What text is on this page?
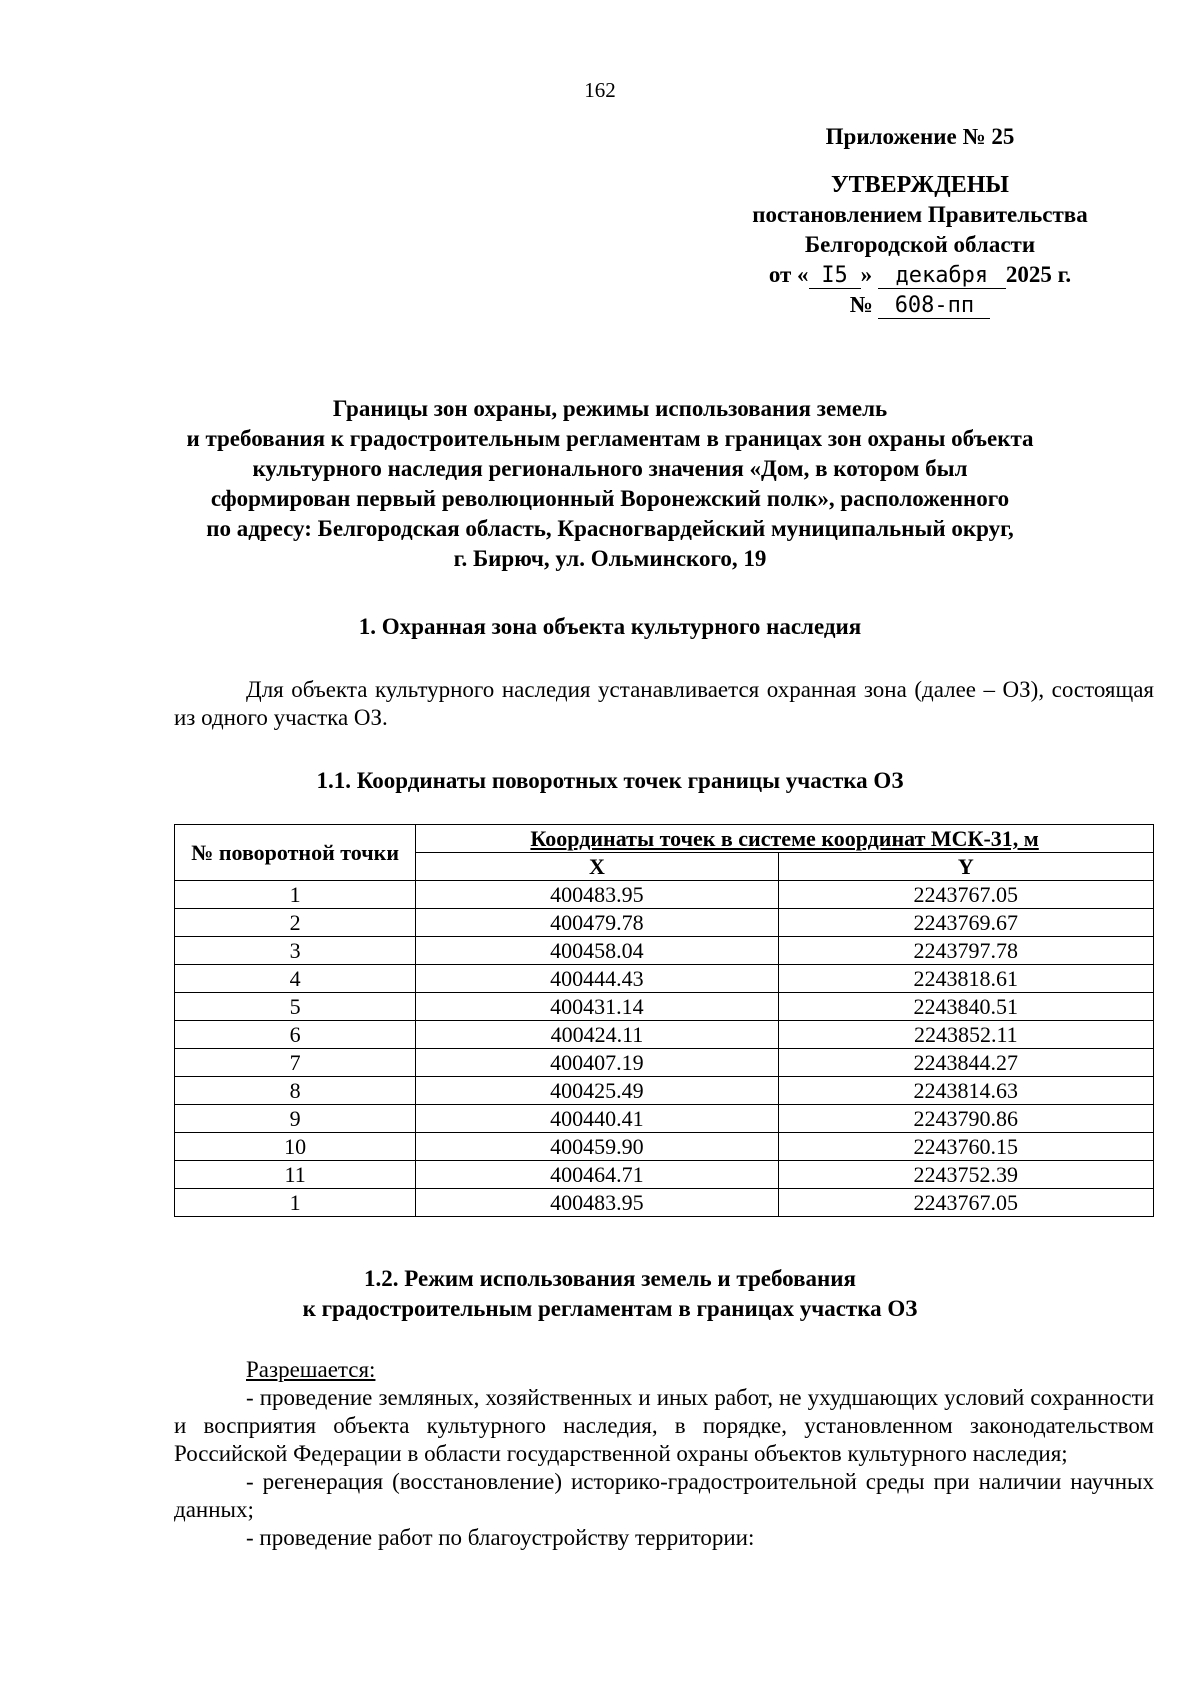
162
Приложение № 25
УТВЕРЖДЕНЫ
постановлением Правительства
Белгородской области
от « I5 » декабря 2025 г.
№ 608-пп
Границы зон охраны, режимы использования земель
и требования к градостроительным регламентам в границах зон охраны объекта
культурного наследия регионального значения «Дом, в котором был
сформирован первый революционный Воронежский полк», расположенного
по адресу: Белгородская область, Красногвардейский муниципальный округ,
г. Бирюч, ул. Ольминского, 19
1. Охранная зона объекта культурного наследия
Для объекта культурного наследия устанавливается охранная зона (далее – ОЗ), состоящая из одного участка ОЗ.
1.1. Координаты поворотных точек границы участка ОЗ
№ поворотной точки	Координаты точек в системе координат МСК-31, м	
	X	Y
1	400483.95	2243767.05
2	400479.78	2243769.67
3	400458.04	2243797.78
4	400444.43	2243818.61
5	400431.14	2243840.51
6	400424.11	2243852.11
7	400407.19	2243844.27
8	400425.49	2243814.63
9	400440.41	2243790.86
10	400459.90	2243760.15
11	400464.71	2243752.39
1	400483.95	2243767.05
1.2. Режим использования земель и требования
к градостроительным регламентам в границах участка ОЗ
Разрешается:
- проведение земляных, хозяйственных и иных работ, не ухудшающих условий сохранности и восприятия объекта культурного наследия, в порядке, установленном законодательством Российской Федерации в области государственной охраны объектов культурного наследия;
- регенерация (восстановление) историко-градостроительной среды при наличии научных данных;
- проведение работ по благоустройству территории:
